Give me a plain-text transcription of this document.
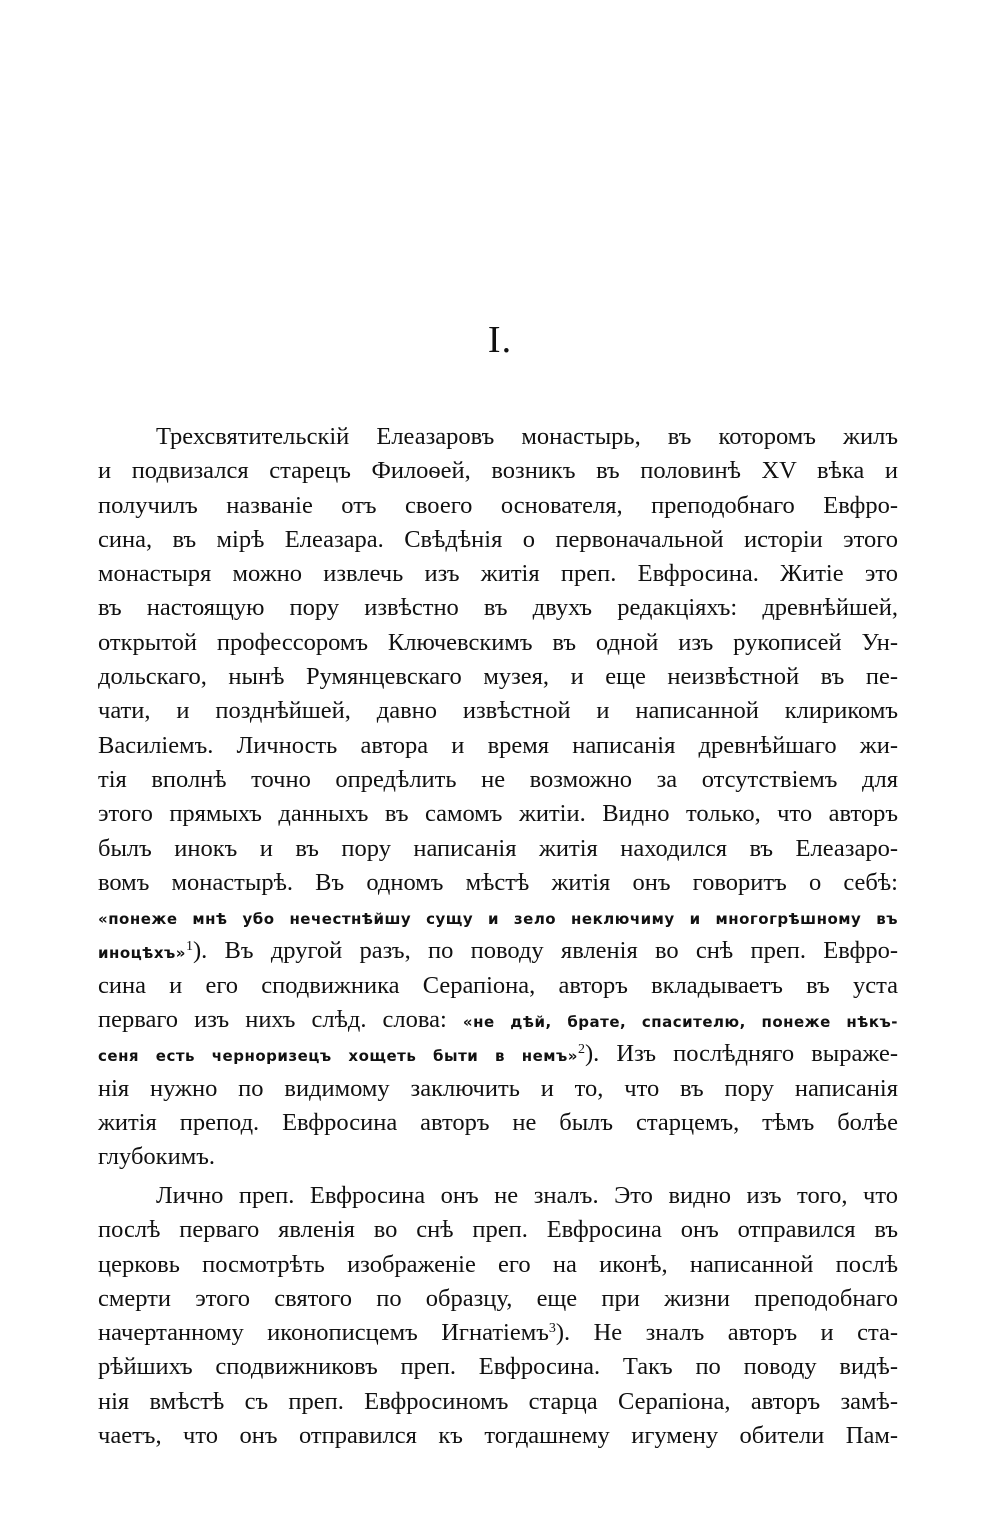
I.
Трехсвятительскій Елеазаровъ монастырь, въ которомъ жилъ
и подвизался старецъ Филоѳей, возникъ въ половинѣ XV вѣка и
получилъ названіе отъ своего основателя, преподобнаго Евфро-
сина, въ мірѣ Елеазара. Свѣдѣнія о первоначальной исторіи этого
монастыря можно извлечь изъ житія преп. Евфросина. Житіе это
въ настоящую пору извѣстно въ двухъ редакціяхъ: древнѣйшей,
открытой профессоромъ Ключевскимъ въ одной изъ рукописей Ун-
дольскаго, нынѣ Румянцевскаго музея, и еще неизвѣстной въ пе-
чати, и позднѣйшей, давно извѣстной и написанной клирикомъ
Василіемъ. Личность автора и время написанія древнѣйшаго жи-
тія вполнѣ точно опредѣлить не возможно за отсутствіемъ для
этого прямыхъ данныхъ въ самомъ житіи. Видно только, что авторъ
былъ инокъ и въ пору написанія житія находился въ Елеазаро-
вомъ монастырѣ. Въ одномъ мѣстѣ житія онъ говоритъ о себѣ:
«понеже мнѣ убо нечестнѣйшу сущу и зело неключиму и многогрѣшному въ
иноцѣхъ»$^1$). Въ другой разъ, по поводу явленія во снѣ преп. Евфро-
сина и его сподвижника Серапіона, авторъ вкладываетъ въ уста
перваго изъ нихъ слѣд. слова: «не дѣй, брате, спасителю, понеже нѣкъ-
сеня есть черноризецъ хощеть быти в немъ»$^2$). Изъ послѣдняго выраже-
нія нужно по видимому заключить и то, что въ пору написанія
житія препод. Евфросина авторъ не былъ старцемъ, тѣмъ болѣе
глубокимъ.
Лично преп. Евфросина онъ не зналъ. Это видно изъ того, что
послѣ перваго явленія во снѣ преп. Евфросина онъ отправился въ
церковь посмотрѣть изображеніе его на иконѣ, написанной послѣ
смерти этого святого по образцу, еще при жизни преподобнаго
начертанному иконописцемъ Игнатіемъ$^3$). Не зналъ авторъ и ста-
рѣйшихъ сподвижниковъ преп. Евфросина. Такъ по поводу видѣ-
нія вмѣстѣ съ преп. Евфросиномъ старца Серапіона, авторъ замѣ-
чаетъ, что онъ отправился къ тогдашнему игумену обители Пам-
